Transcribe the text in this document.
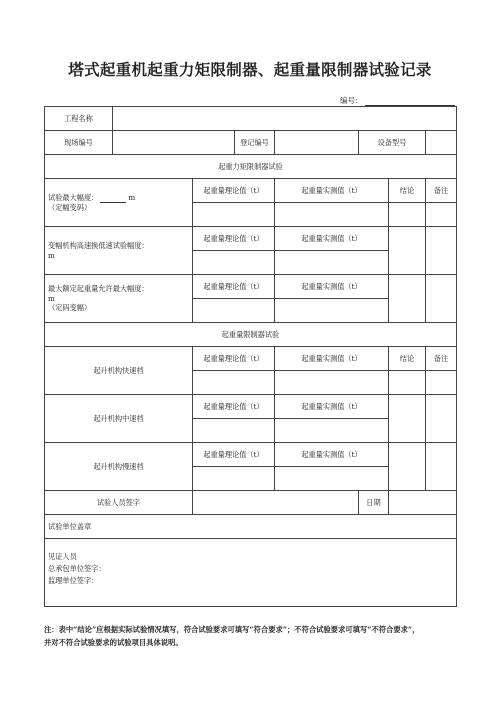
塔式起重机起重力矩限制器、起重量限制器试验记录
编号：
工程名称							
现场编号			登记编号		设备型号		
起重力矩限制器试验							
试验最大幅度： m
（定幅变码）		起重量理论值（t）		起重量实测值（t）		结论	备注

变幅机构高速换低速试验幅度：
m		起重量理论值（t）		起重量实测值（t）			

最大额定起重量允许最大幅度：
m
（定码变幅）		起重量理论值（t）		起重量实测值（t）			

起重量限制器试验							
起升机构快速档		起重量理论值（t）		起重量实测值（t）		结论	备注

起升机构中速档		起重量理论值（t）		起重量实测值（t）			

起升机构慢速档		起重量理论值（t）		起重量实测值（t）			

试验人员签字					日期		
试验单位盖章							
见证人员
总承包单位签字：
监理单位签字：							
注：表中“结论”应根据实际试验情况填写，符合试验要求可填写“符合要求”；不符合试验要求可填写“不符合要求”，
并对不符合试验要求的试验项目具体说明。
